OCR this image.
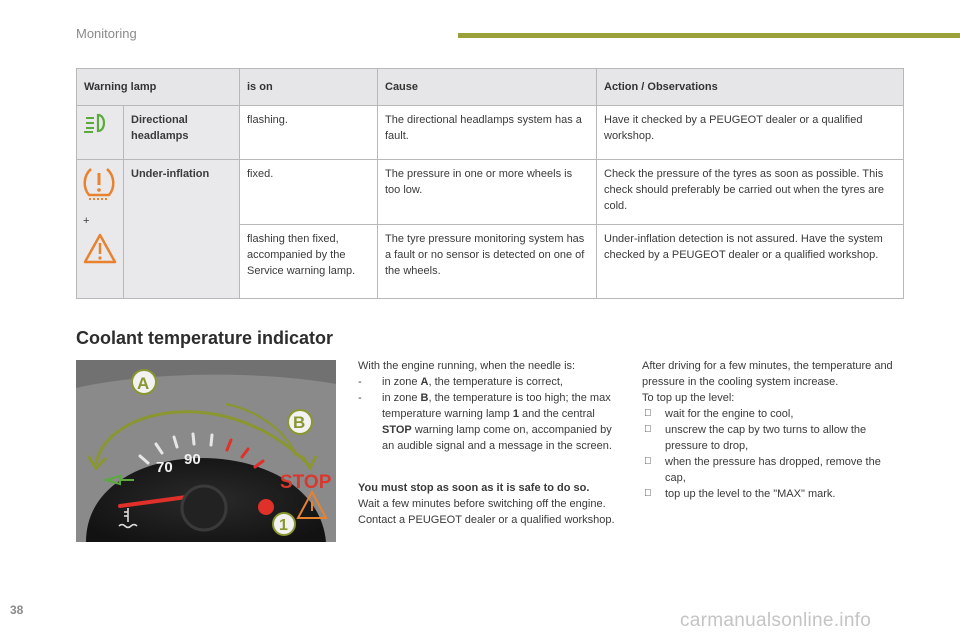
Monitoring
Warning lamp		is on	Cause	Action / Observations
	Directional headlamps	flashing.	The directional headlamps system has a fault.	Have it checked by a PEUGEOT dealer or a qualified workshop.

+	Under-inflation	fixed.	The pressure in one or more wheels is too low.	Check the pressure of the tyres as soon as possible. This check should preferably be carried out when the tyres are cold.
		flashing then fixed, accompanied by the Service warning lamp.	The tyre pressure monitoring system has a fault or no sensor is detected on one of the wheels.	Under-inflation detection is not assured. Have the system checked by a PEUGEOT dealer or a qualified workshop.
Coolant temperature indicator
70 90
STOP
A
B
1

With the engine running, when the needle is:

- in zone A, the temperature is correct,
- in zone B, the temperature is too high; the max temperature warning lamp 1 and the central STOP warning lamp come on, accompanied by an audible signal and a message in the screen.

You must stop as soon as it is safe to do so.

Wait a few minutes before switching off the engine.

Contact a PEUGEOT dealer or a qualified workshop.

After driving for a few minutes, the temperature and pressure in the cooling system increase.

To top up the level:

wait for the engine to cool,
unscrew the cap by two turns to allow the pressure to drop,
when the pressure has dropped, remove the cap,
top up the level to the "MAX" mark.
38	carmanualsonline.info
